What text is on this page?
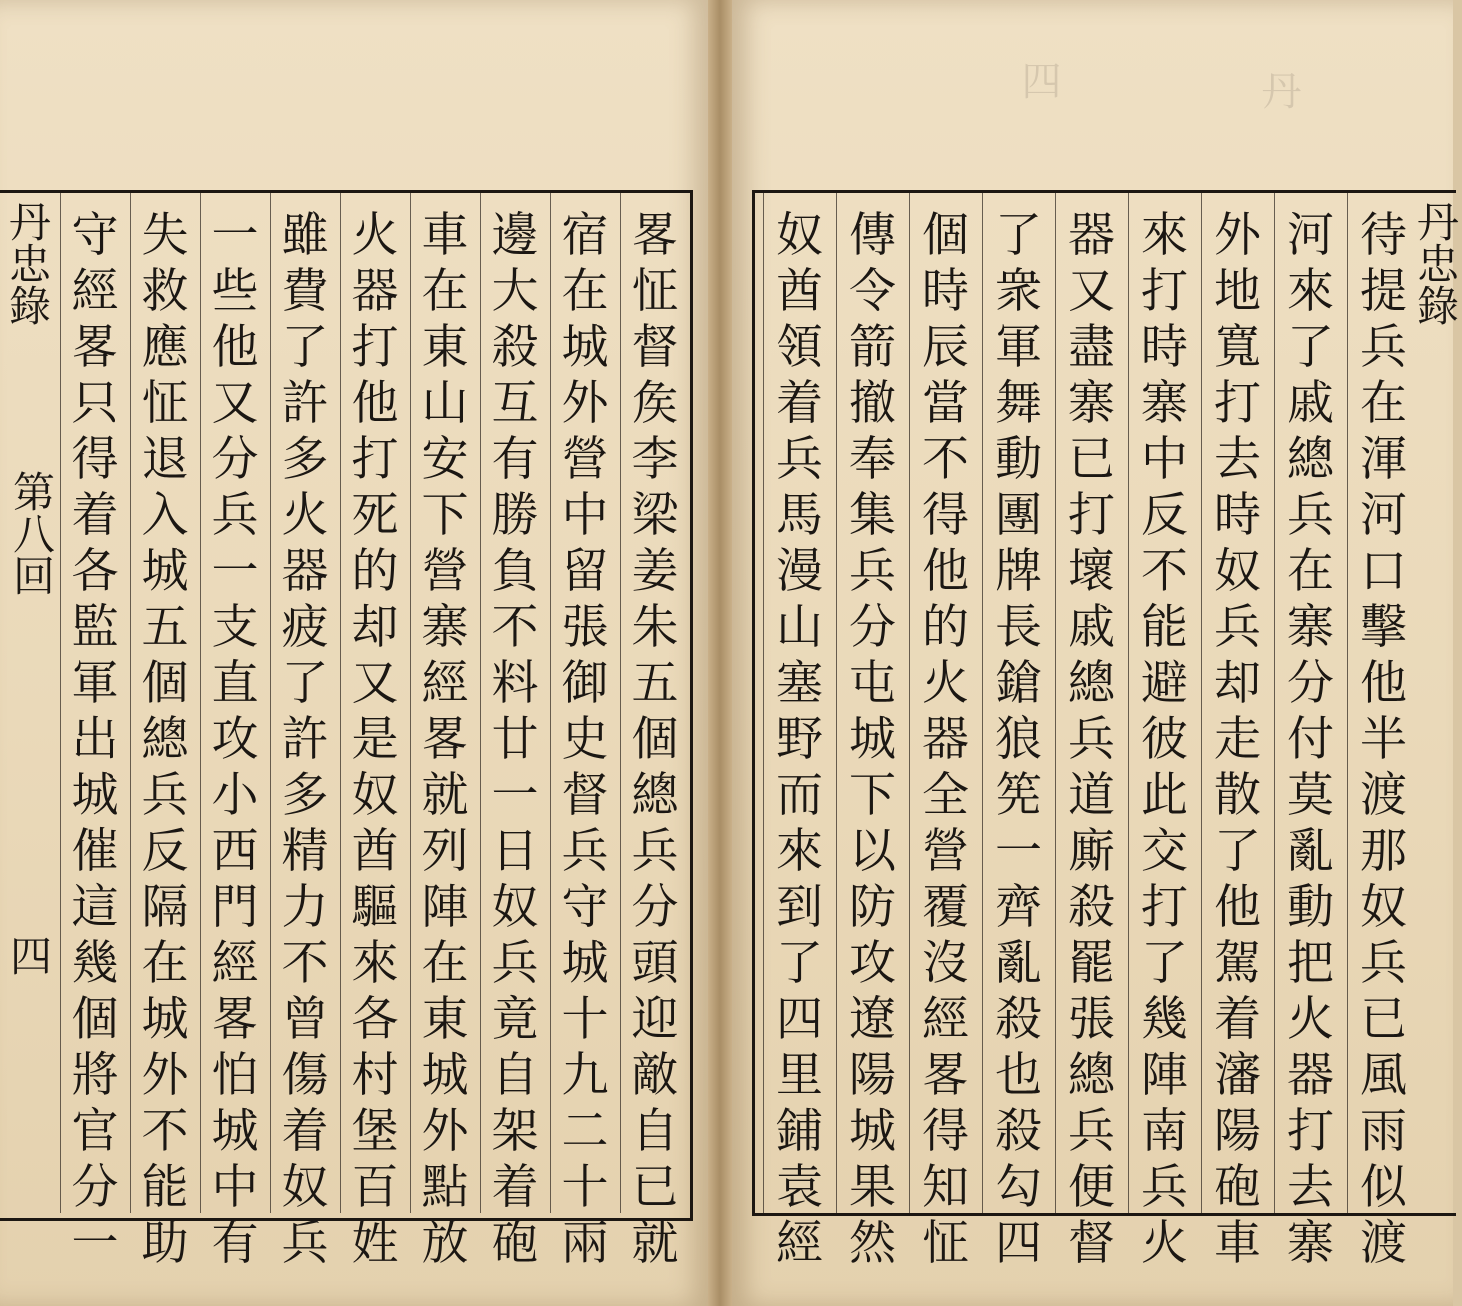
丹忠錄
第八回
四
丹忠錄
四	丹
畧
怔
督
矦
李
梁
姜
朱
五
個
總
兵
分
頭
迎
敵
自
已
就
宿
在
城
外
營
中
留
張
御
史
督
兵
守
城
十
九
二
十
兩
邊
大
殺
互
有
勝
負
不
料
廿
一
日
奴
兵
竟
自
架
着
砲
車
在
東
山
安
下
營
寨
經
畧
就
列
陣
在
東
城
外
點
放
火
器
打
他
打
死
的
却
又
是
奴
酋
驅
來
各
村
堡
百
姓
雖
費
了
許
多
火
器
疲
了
許
多
精
力
不
曾
傷
着
奴
兵
一
些
他
又
分
兵
一
支
直
攻
小
西
門
經
畧
怕
城
中
有
失
救
應
怔
退
入
城
五
個
總
兵
反
隔
在
城
外
不
能
助
守
經
畧
只
得
着
各
監
軍
出
城
催
這
幾
個
將
官
分
一
待
提
兵
在
渾
河
口
擊
他
半
渡
那
奴
兵
已
風
雨
似
渡
河
來
了
戚
總
兵
在
寨
分
付
莫
亂
動
把
火
器
打
去
寨
外
地
寬
打
去
時
奴
兵
却
走
散
了
他
駕
着
瀋
陽
砲
車
來
打
時
寨
中
反
不
能
避
彼
此
交
打
了
幾
陣
南
兵
火
器
又
盡
寨
已
打
壞
戚
總
兵
道
廝
殺
罷
張
總
兵
便
督
了
衆
軍
舞
動
團
牌
長
鎗
狼
筅
一
齊
亂
殺
也
殺
勾
四
個
時
辰
當
不
得
他
的
火
器
全
營
覆
沒
經
畧
得
知
怔
傳
令
箭
撤
奉
集
兵
分
屯
城
下
以
防
攻
遼
陽
城
果
然
奴
酋
領
着
兵
馬
漫
山
塞
野
而
來
到
了
四
里
鋪
袁
經
